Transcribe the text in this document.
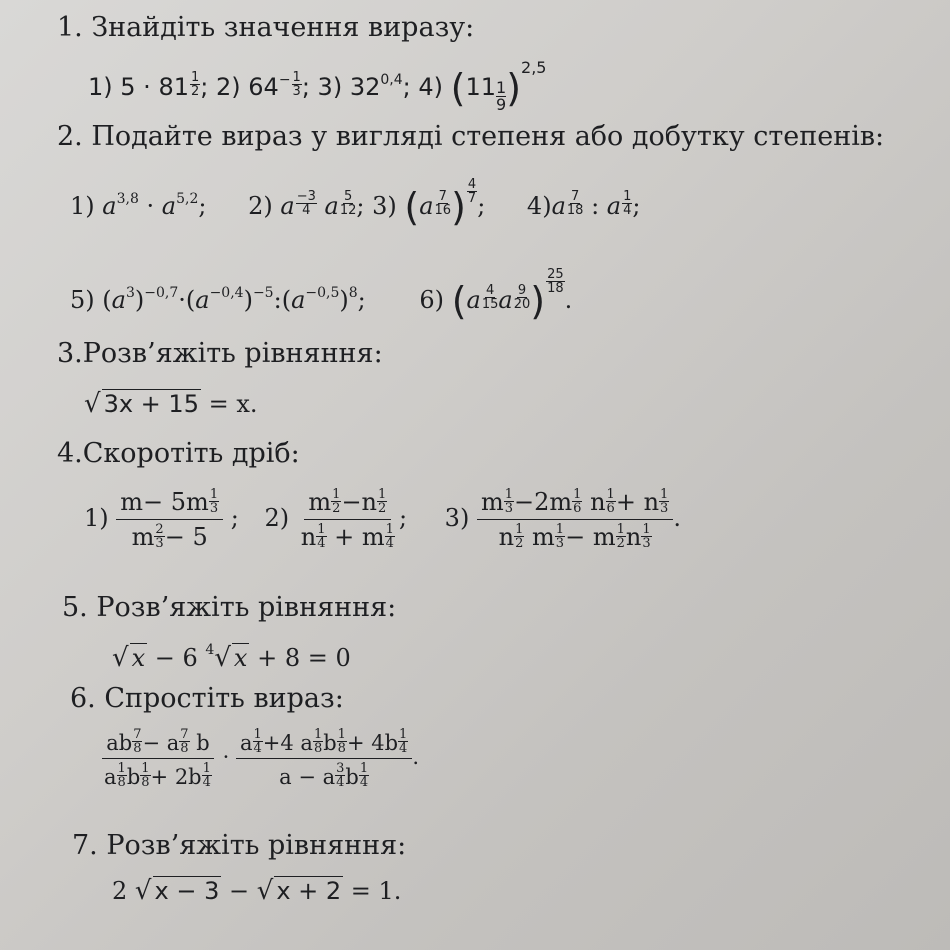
1. Знайдіть значення виразу:
1) $5 \cdot 81 \frac{1}{2}$ ; 2) $64^- \frac{1}{3}$ ; 3) 32$^{0,4}$; 4) $(11 \frac{1}{9} )^{2,5}$
2. Подайте вираз у вигляді степеня або добутку степенів:
1) $a^{3,8} \cdot a^{5,2}$; 2) a $\frac{-3}{4}$ a $\frac{5}{12}$ ; 3) ($a \frac{7}{16}$ ) $\frac{4}{7}$
; $4)a \frac{7}{18}$ : a $\frac{1}{4}$ ;
5) $(a^3)^{-0,7}\cdot(a^{-0,4})^{-5}:(a^{-0,5})^8$; 6) ($a \frac{4}{15}$ a $\frac{9}{20}$ ) $\frac{25}{18}$
.
3.Розв’яжіть рівняння:
√ 3x + 15 = x.
4.Скоротіть дріб:
$1) \frac{m- 5m \frac{1}{3}}{m \frac{2}{3} - 5}$ ; $2) \frac{m \frac{1}{2} -n \frac{1}{2}}{n \frac{1}{4} + m \frac{1}{4}}$ ; $3) \frac{m \frac{1}{3} -2m \frac{1}{6} n \frac{1}{6} + n \frac{1}{3}}{n \frac{1}{2} m \frac{1}{3} - m \frac{1}{2} n \frac{1}{3}}$ .
5. Розв’яжіть рівняння:
√ x − 6 $^4$√ x + 8 = 0
6. Спростіть вираз:
$\frac{ab \frac{7}{8} - a \frac{7}{8} b}{a \frac{1}{8} b \frac{1}{8} + 2b \frac{1}{4}} \cdot \frac{a \frac{1}{4} +4 a \frac{1}{8} b \frac{1}{8} + 4b \frac{1}{4}}{a - a \frac{3}{4} b \frac{1}{4}}$ .
7. Розв’яжіть рівняння:
2 √ x − 3 − √ x + 2 = 1.
